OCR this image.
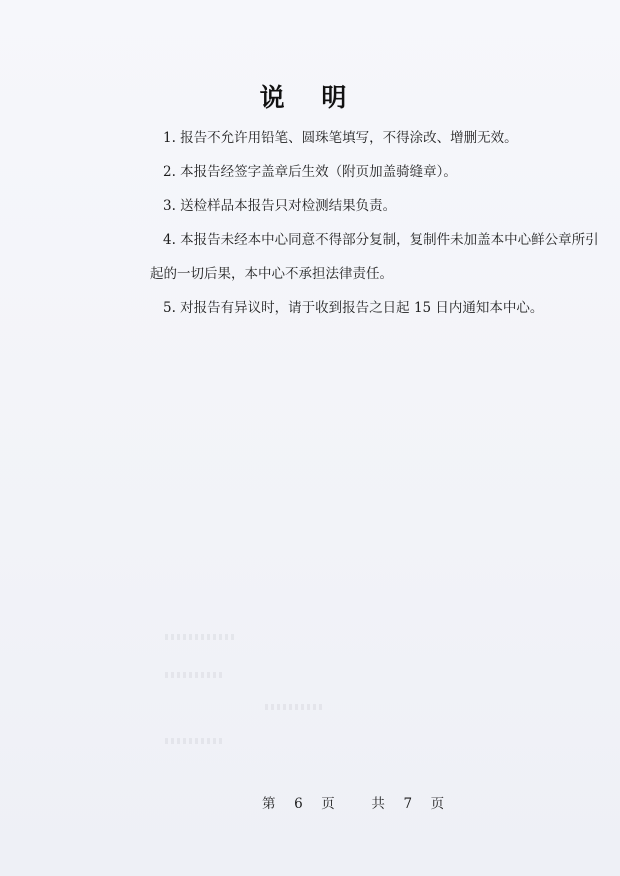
说 明

1. 报告不允许用铅笔、圆珠笔填写，不得涂改、增删无效。

2. 本报告经签字盖章后生效（附页加盖骑缝章）。

3. 送检样品本报告只对检测结果负责。

4. 本报告未经本中心同意不得部分复制，复制件未加盖本中心鲜公章所引

起的一切后果，本中心不承担法律责任。

5. 对报告有异议时，请于收到报告之日起 15 日内通知本中心。

第 6 页	共 7 页
